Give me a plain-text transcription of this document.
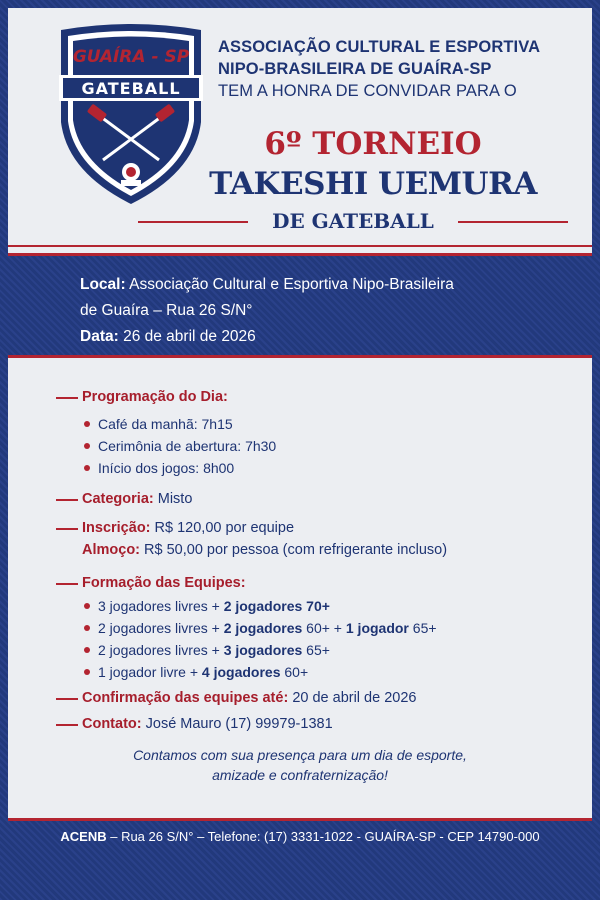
GUAÍRA - SP
GATEBALL
ASSOCIAÇÃO CULTURAL E ESPORTIVA
NIPO-BRASILEIRA DE GUAÍRA-SP
TEM A HONRA DE CONVIDAR PARA O
6º TORNEIO
TAKESHI UEMURA
DE GATEBALL
Local: Associação Cultural e Esportiva Nipo-Brasileira
de Guaíra – Rua 26 S/N°
Data: 26 de abril de 2026
Programação do Dia:
Café da manhã: 7h15
Cerimônia de abertura: 7h30
Início dos jogos: 8h00
Categoria: Misto
Inscrição: R$ 120,00 por equipe
Almoço: R$ 50,00 por pessoa (com refrigerante incluso)
Formação das Equipes:
3 jogadores livres + 2 jogadores 70+
2 jogadores livres + 2 jogadores 60+ + 1 jogador 65+
2 jogadores livres + 3 jogadores 65+
1 jogador livre + 4 jogadores 60+
Confirmação das equipes até: 20 de abril de 2026
Contato: José Mauro (17) 99979-1381
Contamos com sua presença para um dia de esporte,
amizade e confraternização!
ACENB – Rua 26 S/N° – Telefone: (17) 3331-1022 - GUAÍRA-SP - CEP 14790-000
